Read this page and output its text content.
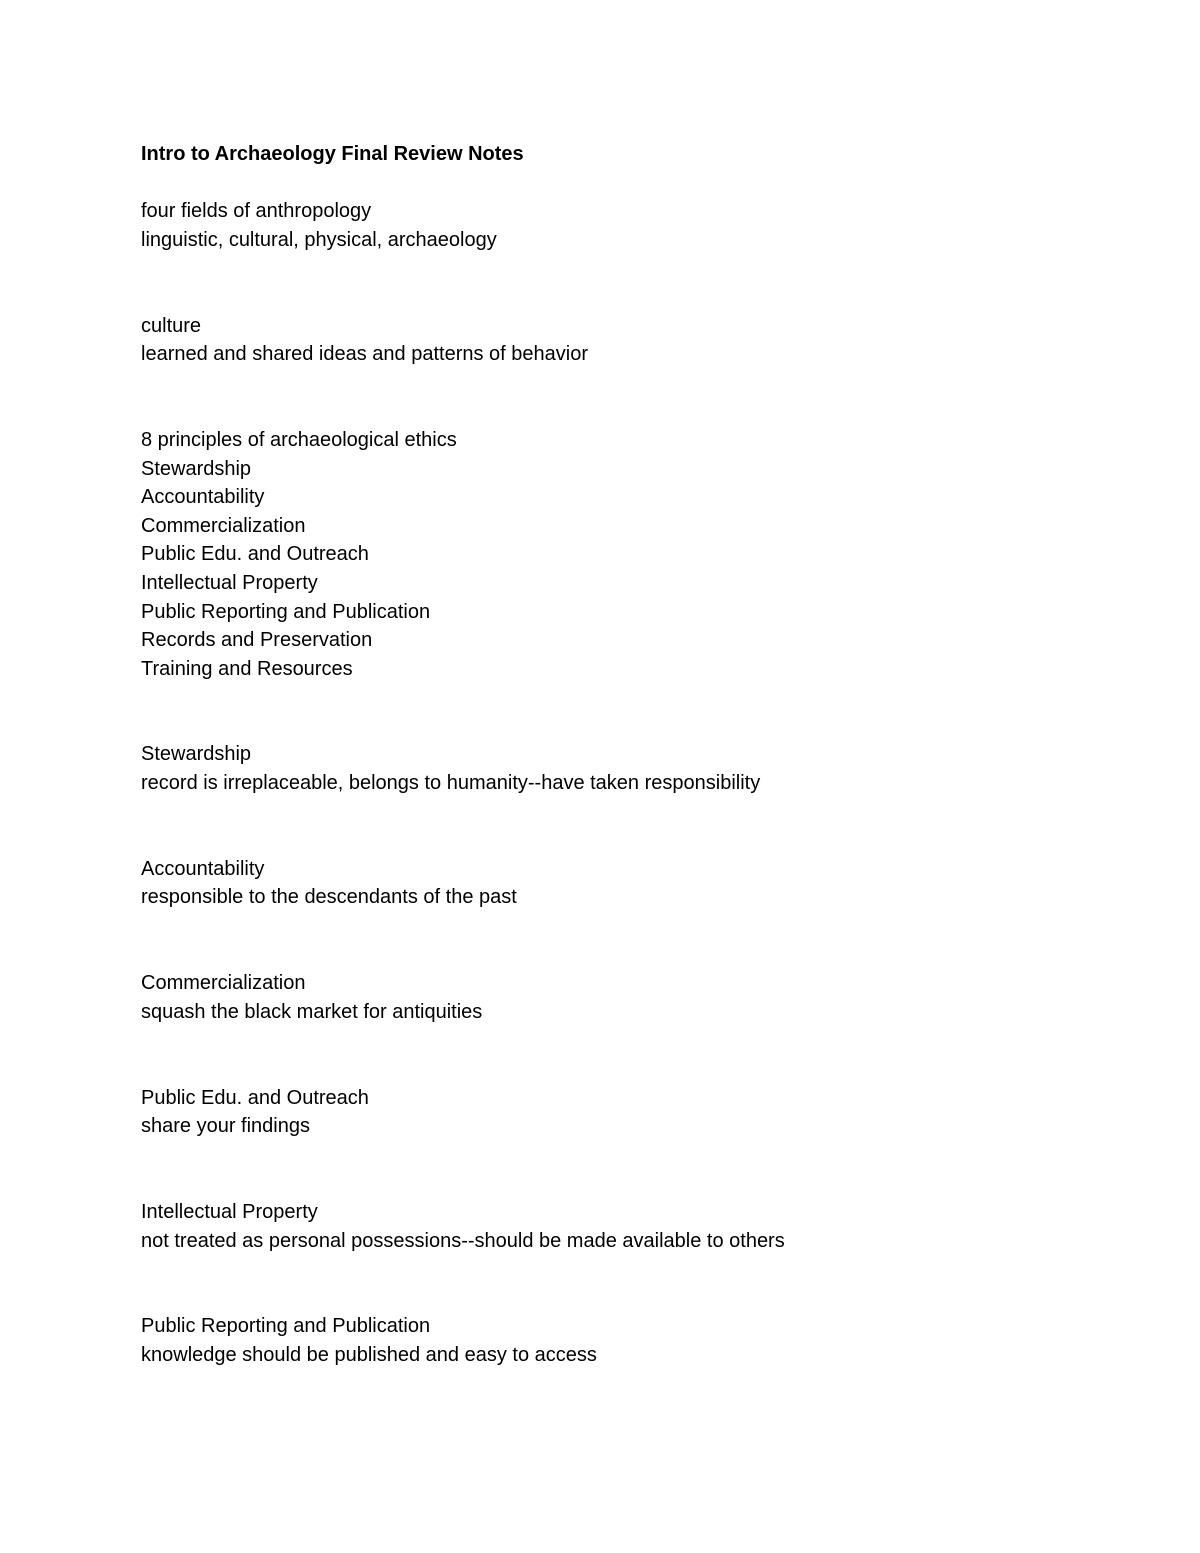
Intro to Archaeology Final Review Notes
four fields of anthropology
linguistic, cultural, physical, archaeology
culture
learned and shared ideas and patterns of behavior
8 principles of archaeological ethics
Stewardship
Accountability
Commercialization
Public Edu. and Outreach
Intellectual Property
Public Reporting and Publication
Records and Preservation
Training and Resources
Stewardship
record is irreplaceable, belongs to humanity--have taken responsibility
Accountability
responsible to the descendants of the past
Commercialization
squash the black market for antiquities
Public Edu. and Outreach
share your findings
Intellectual Property
not treated as personal possessions--should be made available to others
Public Reporting and Publication
knowledge should be published and easy to access
